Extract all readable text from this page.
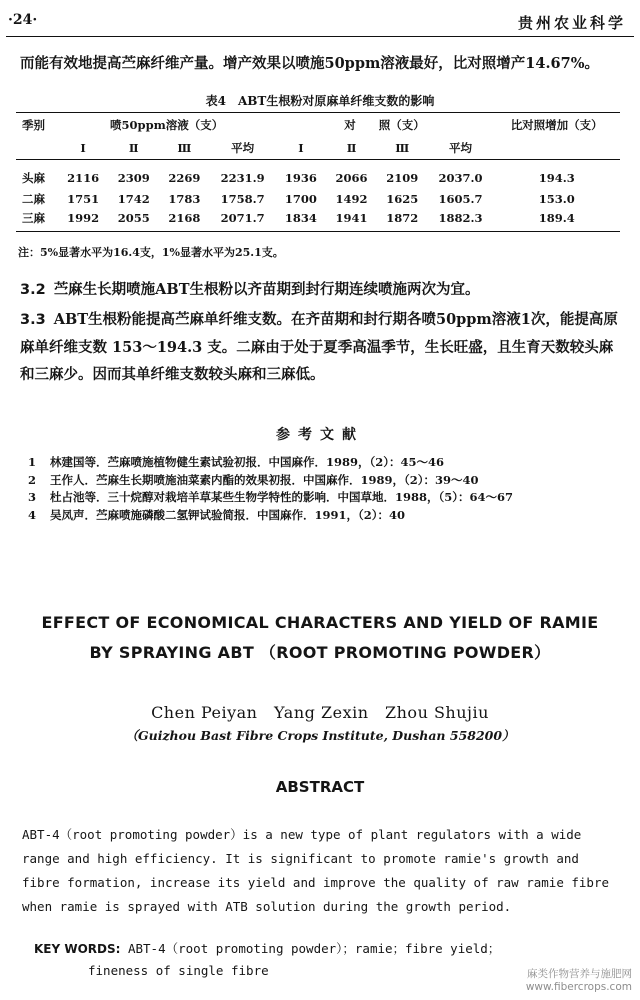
·24·	贵州农业科学
而能有效地提高苎麻纤维产量。增产效果以喷施50ppm溶液最好，比对照增产14.67%。
表4　ABT生根粉对原麻单纤维支数的影响
季别	喷50ppm溶液（支）				对　　照（支）				比对照增加（支）
	Ⅰ	Ⅱ	Ⅲ	平均	Ⅰ	Ⅱ	Ⅲ	平均	
头麻	2116	2309	2269	2231.9	1936	2066	2109	2037.0	194.3
二麻	1751	1742	1783	1758.7	1700	1492	1625	1605.7	153.0
三麻	1992	2055	2168	2071.7	1834	1941	1872	1882.3	189.4
注：5%显著水平为16.4支，1%显著水平为25.1支。
3.2 苎麻生长期喷施ABT生根粉以齐苗期到封行期连续喷施两次为宜。
3.3 ABT生根粉能提高苎麻单纤维支数。在齐苗期和封行期各喷50ppm溶液1次，能提高原麻单纤维支数 153～194.3 支。二麻由于处于夏季高温季节，生长旺盛，且生育天数较头麻和三麻少。因而其单纤维支数较头麻和三麻低。
参考文献
1 林建国等．苎麻喷施植物健生素试验初报．中国麻作．1989，（2）：45～46
2 王作人．苎麻生长期喷施油菜素内酯的效果初报．中国麻作．1989，（2）：39～40
3 杜占池等．三十烷醇对栽培羊草某些生物学特性的影响．中国草地．1988，（5）：64～67
4 吴凤声．苎麻喷施磷酸二氢钾试验简报．中国麻作．1991，（2）：40
EFFECT OF ECONOMICAL CHARACTERS AND YIELD OF RAMIE
BY SPRAYING ABT （ROOT PROMOTING POWDER）
Chen Peiyan　Yang Zexin　Zhou Shujiu
（Guizhou Bast Fibre Crops Institute, Dushan 558200）
ABSTRACT
ABT-4（root promoting powder）is a new type of plant regulators with a wide range and high efficiency. It is significant to promote ramie's growth and fibre formation, increase its yield and improve the quality of raw ramie fibre when ramie is sprayed with ATB solution during the growth period.
KEY WORDS: ABT-4（root promoting powder）；ramie；fibre yield；
fineness of single fibre	麻类作物营养与施肥网
www.fibercrops.com
